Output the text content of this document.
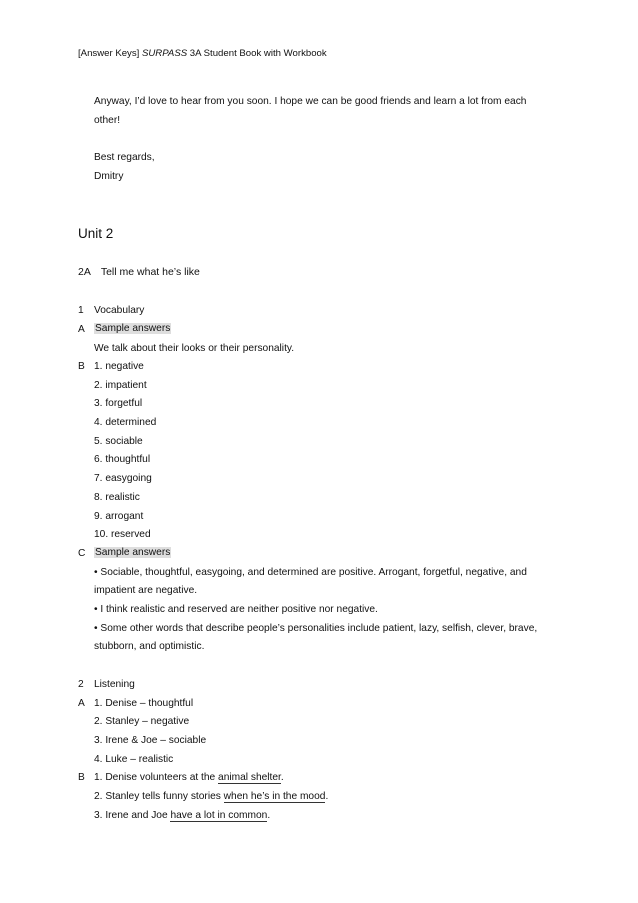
[Answer Keys] SURPASS 3A Student Book with Workbook
Anyway, I’d love to hear from you soon. I hope we can be good friends and learn a lot from each
other!
Best regards,
Dmitry
Unit 2
2A Tell me what he’s like
1 Vocabulary
A Sample answers
We talk about their looks or their personality.
B 1. negative
2. impatient
3. forgetful
4. determined
5. sociable
6. thoughtful
7. easygoing
8. realistic
9. arrogant
10. reserved
C Sample answers
• Sociable, thoughtful, easygoing, and determined are positive. Arrogant, forgetful, negative, and
impatient are negative.
• I think realistic and reserved are neither positive nor negative.
• Some other words that describe people’s personalities include patient, lazy, selfish, clever, brave,
stubborn, and optimistic.
2 Listening
A 1. Denise – thoughtful
2. Stanley – negative
3. Irene & Joe – sociable
4. Luke – realistic
B 1. Denise volunteers at the animal shelter.
2. Stanley tells funny stories when he’s in the mood.
3. Irene and Joe have a lot in common.
